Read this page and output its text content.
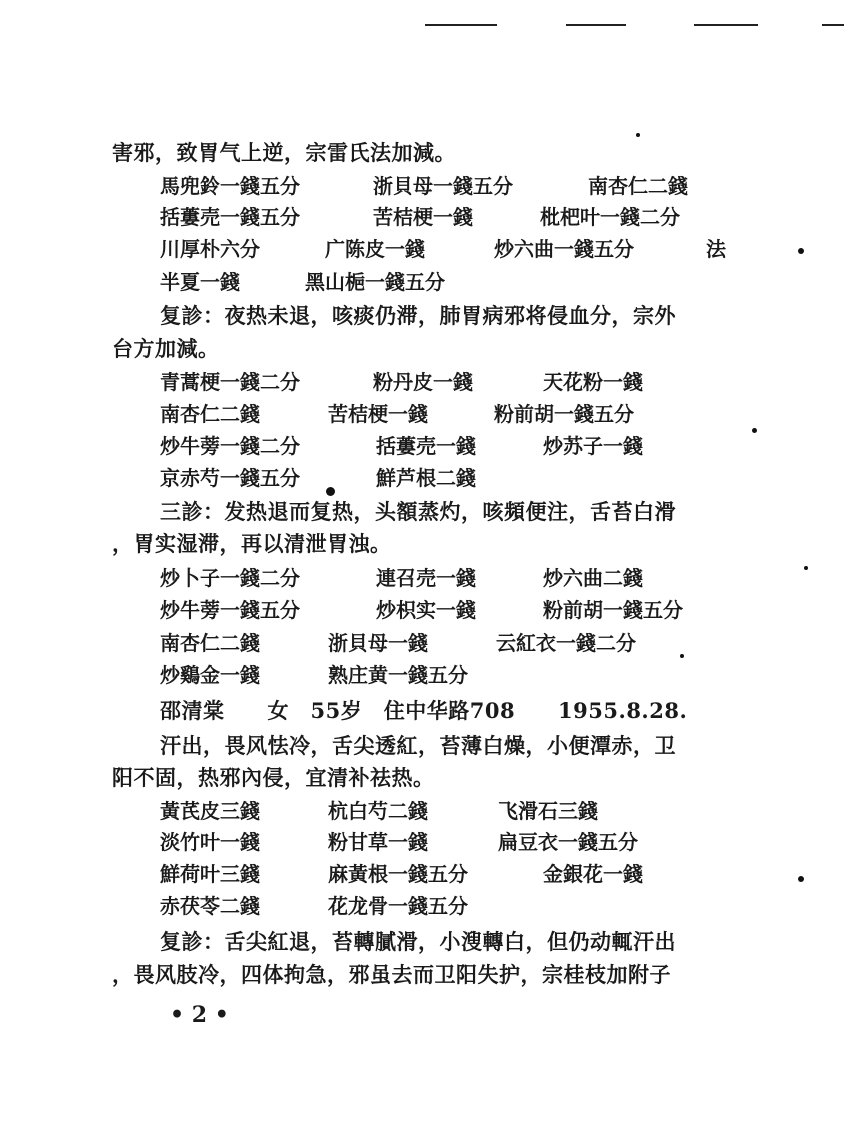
害邪，致胃气上逆，宗雷氏法加減。
馬兜鈴一錢五分	浙貝母一錢五分	南杏仁二錢
括蔞売一錢五分	苦桔梗一錢	枇杷叶一錢二分
川厚朴六分	广陈皮一錢	炒六曲一錢五分	法
半夏一錢	黑山梔一錢五分
复診：夜热未退，咳痰仍滞，肺胃病邪将侵血分，宗外
台方加減。
青蒿梗一錢二分	粉丹皮一錢	天花粉一錢
南杏仁二錢	苦桔梗一錢	粉前胡一錢五分
炒牛蒡一錢二分	括蔞売一錢	炒苏子一錢
京赤芍一錢五分	鮮芦根二錢
三診：发热退而复热，头額蒸灼，咳頻便注，舌苔白滑
，胃实湿滞，再以清泄胃浊。
炒卜子一錢二分	連召売一錢	炒六曲二錢
炒牛蒡一錢五分	炒枳实一錢	粉前胡一錢五分
南杏仁二錢	浙貝母一錢	云紅衣一錢二分
炒鷄金一錢	熟庄黄一錢五分
邵清棠　　女　55岁　住中华路708　　1955.8.28.
汗出，畏风怯冷，舌尖透紅，苔薄白燥，小便潭赤，卫
阳不固，热邪內侵，宜清补祛热。
黃芪皮三錢	杭白芍二錢	飞滑石三錢
淡竹叶一錢	粉甘草一錢	扁豆衣一錢五分
鮮荷叶三錢	麻黃根一錢五分	金銀花一錢
赤茯苓二錢	花龙骨一錢五分
复診：舌尖紅退，苔轉膩滑，小溲轉白，但仍动輒汗出
，畏风肢冷，四体拘急，邪虽去而卫阳失护，宗桂枝加附子
• 2 •
